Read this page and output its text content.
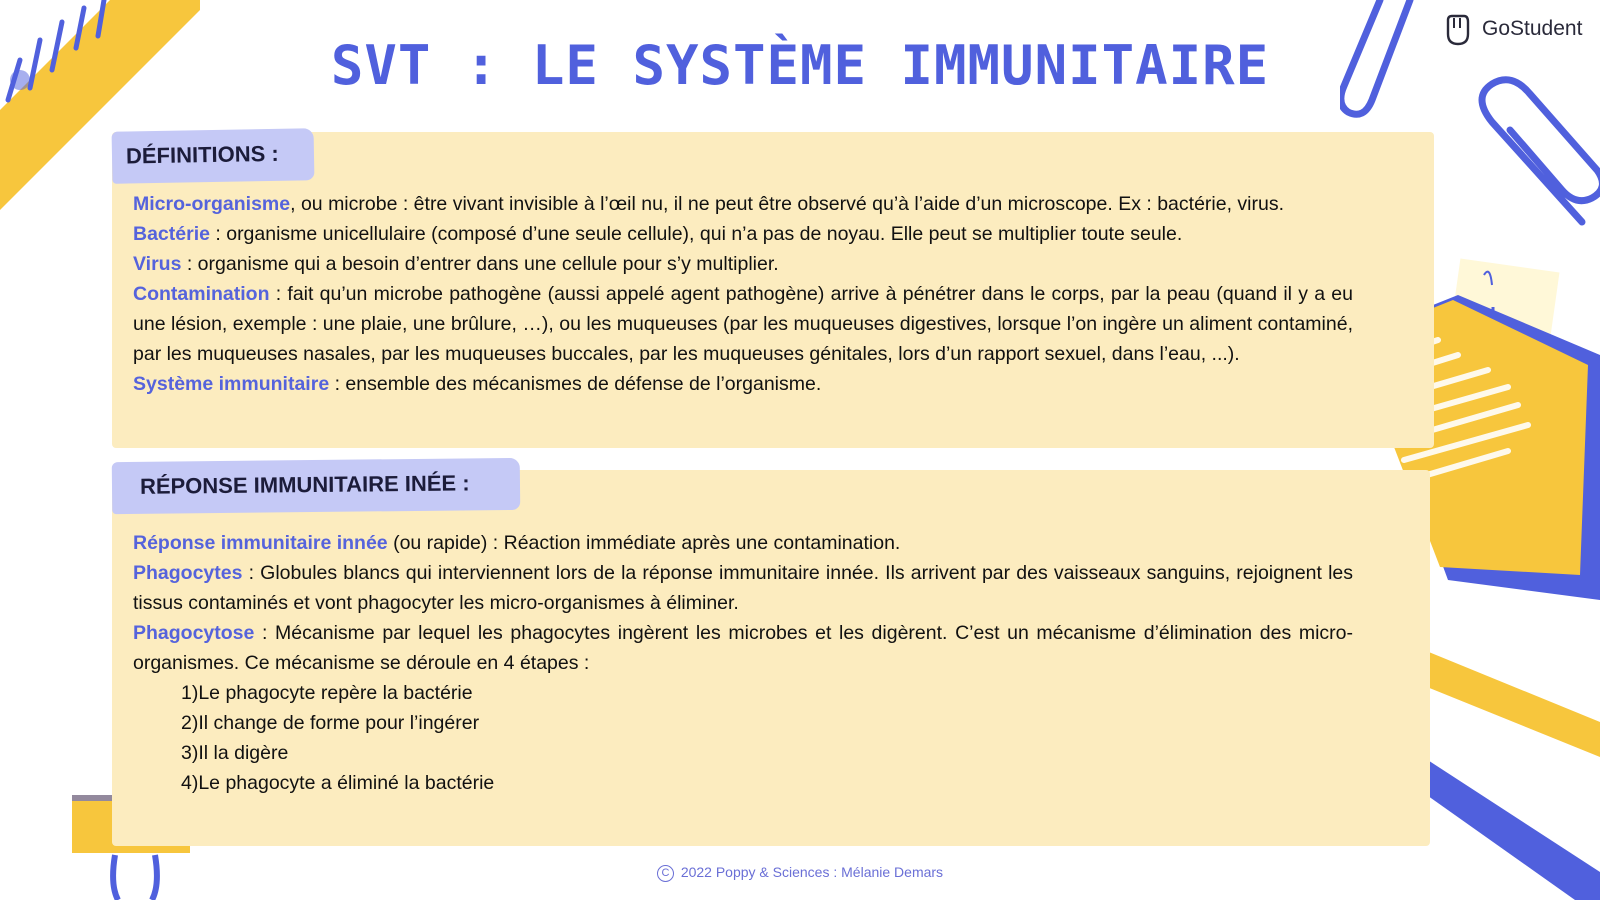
SVT : LE SYSTÈME IMMUNITAIRE
GoStudent
DÉFINITIONS :

Micro-organisme, ou microbe : être vivant invisible à l’œil nu, il ne peut être observé qu’à l’aide d’un microscope. Ex : bactérie, virus.

Bactérie : organisme unicellulaire (composé d’une seule cellule), qui n’a pas de noyau. Elle peut se multiplier toute seule.

Virus : organisme qui a besoin d’entrer dans une cellule pour s’y multiplier.

Contamination : fait qu’un microbe pathogène (aussi appelé agent pathogène) arrive à pénétrer dans le corps, par la peau (quand il y a eu une lésion, exemple : une plaie, une brûlure, …), ou les muqueuses (par les muqueuses digestives, lorsque l’on ingère un aliment contaminé, par les muqueuses nasales, par les muqueuses buccales, par les muqueuses génitales, lors d’un rapport sexuel, dans l’eau, ...).

Système immunitaire : ensemble des mécanismes de défense de l’organisme.

RÉPONSE IMMUNITAIRE INÉE :

Réponse immunitaire innée (ou rapide) : Réaction immédiate après une contamination.

Phagocytes : Globules blancs qui interviennent lors de la réponse immunitaire innée. Ils arrivent par des vaisseaux sanguins, rejoignent les tissus contaminés et vont phagocyter les micro-organismes à éliminer.

Phagocytose : Mécanisme par lequel les phagocytes ingèrent les microbes et les digèrent. C’est un mécanisme d’élimination des micro-organismes. Ce mécanisme se déroule en 4 étapes :

1)Le phagocyte repère la bactérie

2)Il change de forme pour l’ingérer

3)Il la digère

4)Le phagocyte a éliminé la bactérie

C 2022 Poppy & Sciences : Mélanie Demars
